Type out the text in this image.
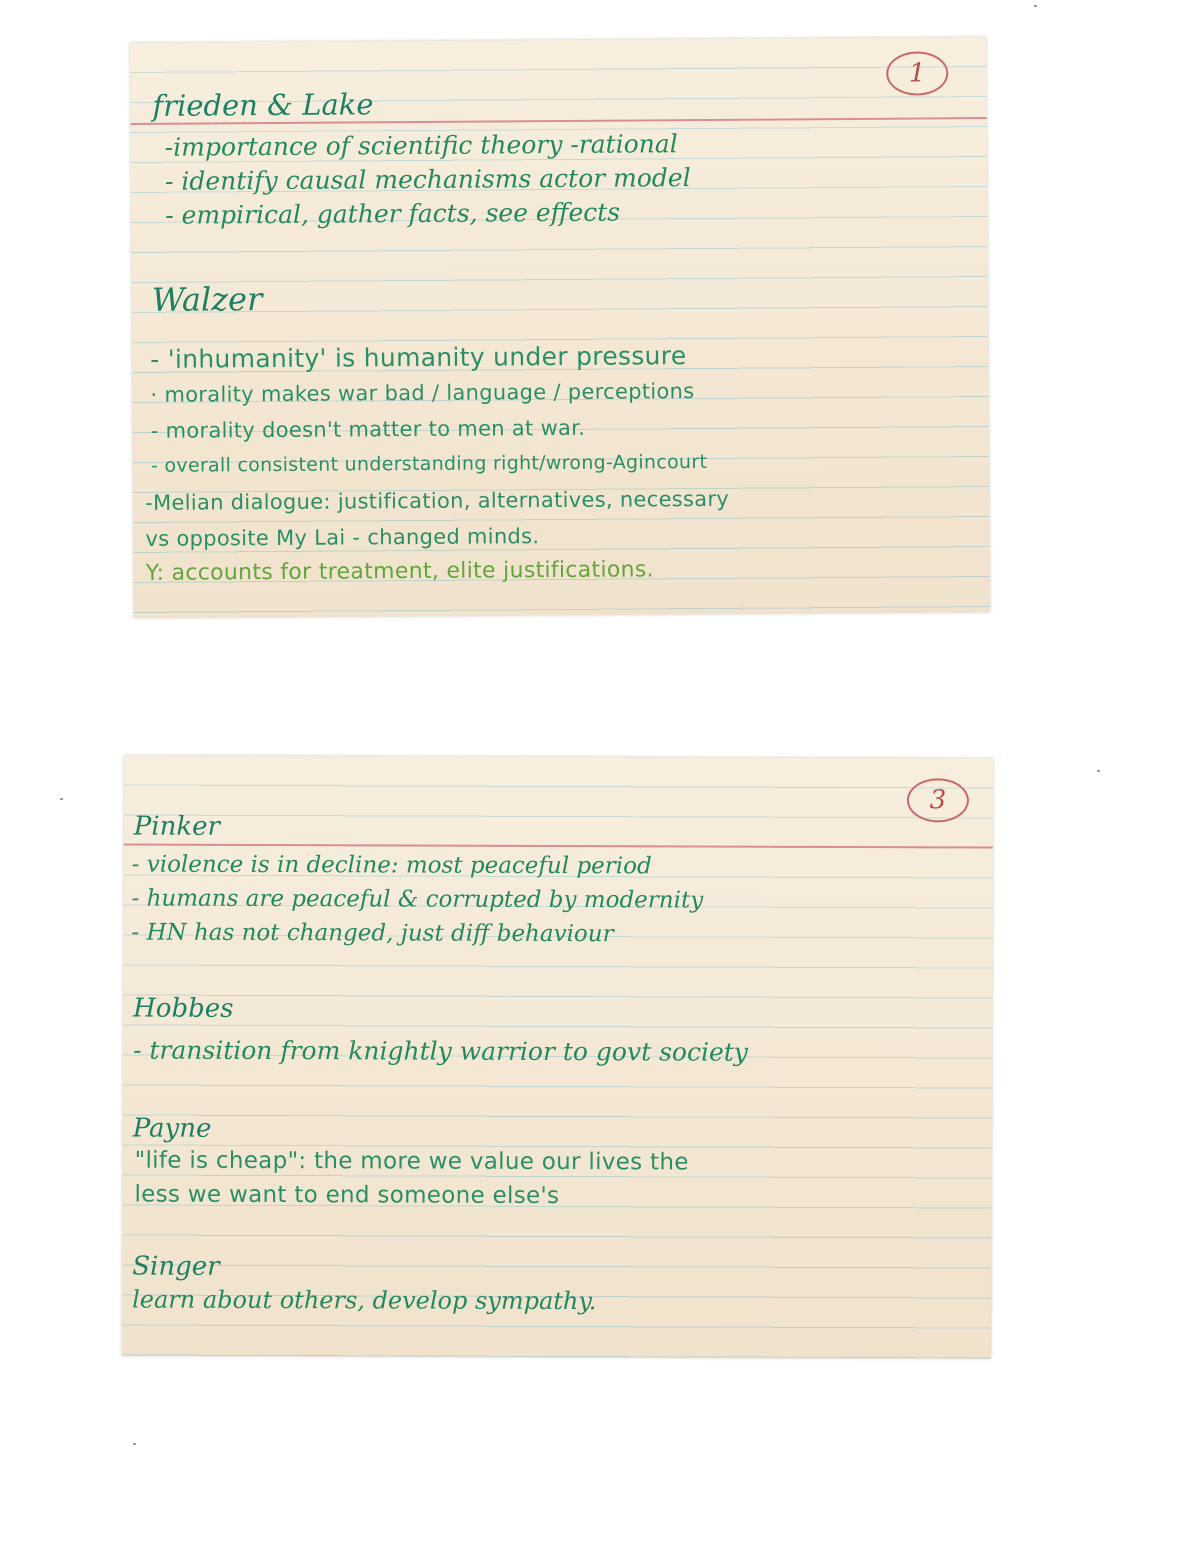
1
frieden & Lake
-importance of scientific theory -rational
- identify causal mechanisms actor model
- empirical, gather facts, see effects
Walzer
- 'inhumanity' is humanity under pressure
· morality makes war bad / language / perceptions
- morality doesn't matter to men at war.
- overall consistent understanding right/wrong-Agincourt
-Melian dialogue: justification, alternatives, necessary
vs opposite My Lai - changed minds.
Y: accounts for treatment, elite justifications.
3
Pinker
- violence is in decline: most peaceful period
- humans are peaceful & corrupted by modernity
- HN has not changed, just diff behaviour
Hobbes
- transition from knightly warrior to govt society
Payne
"life is cheap": the more we value our lives the
less we want to end someone else's
Singer
learn about others, develop sympathy.
